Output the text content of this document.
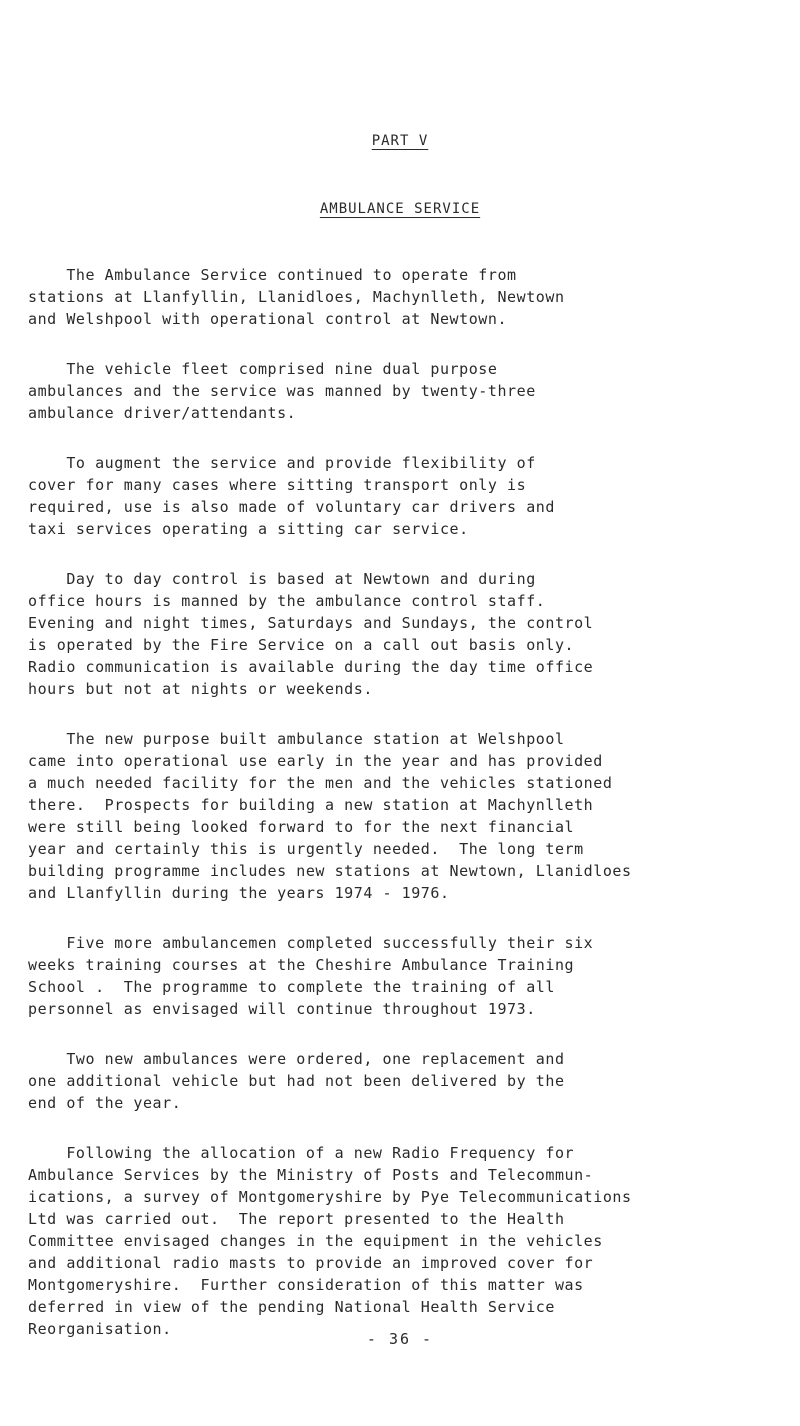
PART V
AMBULANCE SERVICE
The Ambulance Service continued to operate from
stations at Llanfyllin, Llanidloes, Machynlleth, Newtown
and Welshpool with operational control at Newtown.
The vehicle fleet comprised nine dual purpose
ambulances and the service was manned by twenty-three
ambulance driver/attendants.
To augment the service and provide flexibility of
cover for many cases where sitting transport only is
required, use is also made of voluntary car drivers and
taxi services operating a sitting car service.
Day to day control is based at Newtown and during
office hours is manned by the ambulance control staff.
Evening and night times, Saturdays and Sundays, the control
is operated by the Fire Service on a call out basis only.
Radio communication is available during the day time office
hours but not at nights or weekends.
The new purpose built ambulance station at Welshpool
came into operational use early in the year and has provided
a much needed facility for the men and the vehicles stationed
there.  Prospects for building a new station at Machynlleth
were still being looked forward to for the next financial
year and certainly this is urgently needed.  The long term
building programme includes new stations at Newtown, Llanidloes
and Llanfyllin during the years 1974 - 1976.
Five more ambulancemen completed successfully their six
weeks training courses at the Cheshire Ambulance Training
School .  The programme to complete the training of all
personnel as envisaged will continue throughout 1973.
Two new ambulances were ordered, one replacement and
one additional vehicle but had not been delivered by the
end of the year.
Following the allocation of a new Radio Frequency for
Ambulance Services by the Ministry of Posts and Telecommun-
ications, a survey of Montgomeryshire by Pye Telecommunications
Ltd was carried out.  The report presented to the Health
Committee envisaged changes in the equipment in the vehicles
and additional radio masts to provide an improved cover for
Montgomeryshire.  Further consideration of this matter was
deferred in view of the pending National Health Service
Reorganisation.
- 36 -
